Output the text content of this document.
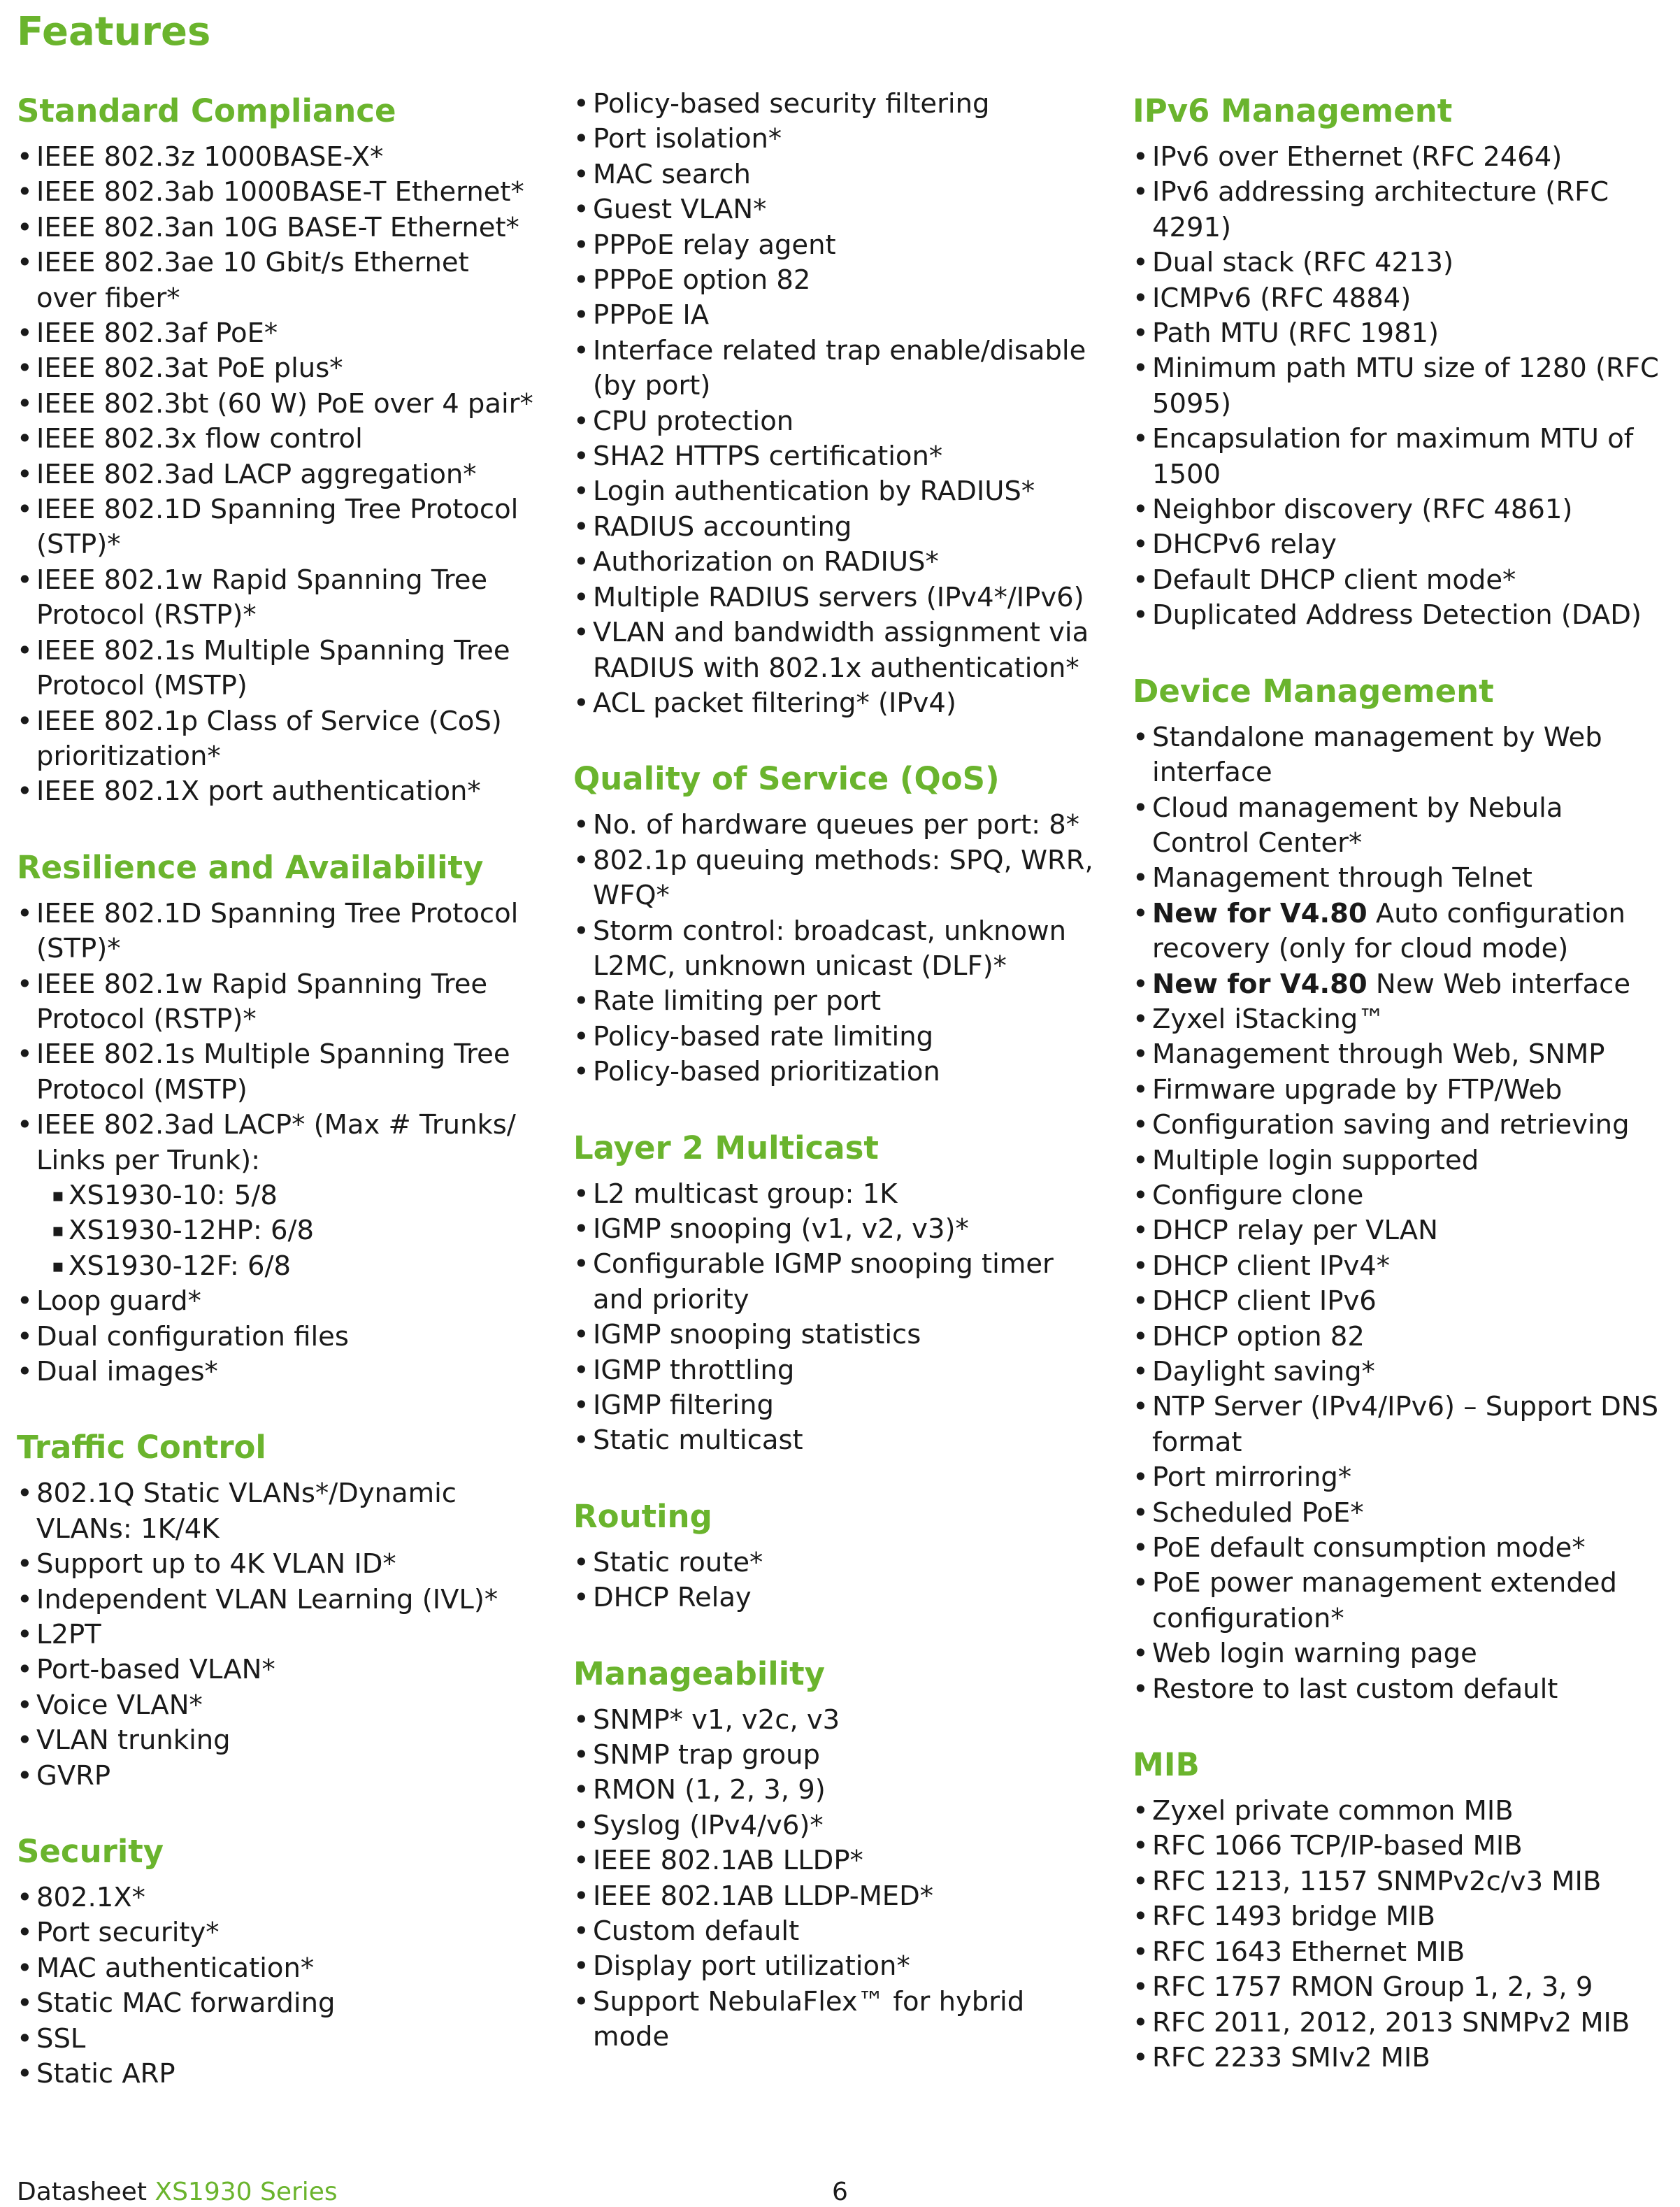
Features
Standard Compliance
• IEEE 802.3z 1000BASE-X*
• IEEE 802.3ab 1000BASE-T Ethernet*
• IEEE 802.3an 10G BASE-T Ethernet*
• IEEE 802.3ae 10 Gbit/s Ethernet over fiber*
• IEEE 802.3af PoE*
• IEEE 802.3at PoE plus*
• IEEE 802.3bt (60 W) PoE over 4 pair*
• IEEE 802.3x flow control
• IEEE 802.3ad LACP aggregation*
• IEEE 802.1D Spanning Tree Protocol (STP)*
• IEEE 802.1w Rapid Spanning Tree Protocol (RSTP)*
• IEEE 802.1s Multiple Spanning Tree Protocol (MSTP)
• IEEE 802.1p Class of Service (CoS) prioritization*
• IEEE 802.1X port authentication*
Resilience and Availability
• IEEE 802.1D Spanning Tree Protocol (STP)*
• IEEE 802.1w Rapid Spanning Tree Protocol (RSTP)*
• IEEE 802.1s Multiple Spanning Tree Protocol (MSTP)
• IEEE 802.3ad LACP* (Max # Trunks/ Links per Trunk):
▪ XS1930-10: 5/8
▪ XS1930-12HP: 6/8
▪ XS1930-12F: 6/8
• Loop guard*
• Dual configuration files
• Dual images*
Traffic Control
• 802.1Q Static VLANs*/Dynamic VLANs: 1K/4K
• Support up to 4K VLAN ID*
• Independent VLAN Learning (IVL)*
• L2PT
• Port-based VLAN*
• Voice VLAN*
• VLAN trunking
• GVRP
Security
• 802.1X*
• Port security*
• MAC authentication*
• Static MAC forwarding
• SSL
• Static ARP
• Policy-based security filtering
• Port isolation*
• MAC search
• Guest VLAN*
• PPPoE relay agent
• PPPoE option 82
• PPPoE IA
• Interface related trap enable/disable (by port)
• CPU protection
• SHA2 HTTPS certification*
• Login authentication by RADIUS*
• RADIUS accounting
• Authorization on RADIUS*
• Multiple RADIUS servers (IPv4*/IPv6)
• VLAN and bandwidth assignment via RADIUS with 802.1x authentication*
• ACL packet filtering* (IPv4)
Quality of Service (QoS)
• No. of hardware queues per port: 8*
• 802.1p queuing methods: SPQ, WRR, WFQ*
• Storm control: broadcast, unknown L2MC, unknown unicast (DLF)*
• Rate limiting per port
• Policy-based rate limiting
• Policy-based prioritization
Layer 2 Multicast
• L2 multicast group: 1K
• IGMP snooping (v1, v2, v3)*
• Configurable IGMP snooping timer and priority
• IGMP snooping statistics
• IGMP throttling
• IGMP filtering
• Static multicast
Routing
• Static route*
• DHCP Relay
Manageability
• SNMP* v1, v2c, v3
• SNMP trap group
• RMON (1, 2, 3, 9)
• Syslog (IPv4/v6)*
• IEEE 802.1AB LLDP*
• IEEE 802.1AB LLDP-MED*
• Custom default
• Display port utilization*
• Support NebulaFlex™ for hybrid mode
IPv6 Management
• IPv6 over Ethernet (RFC 2464)
• IPv6 addressing architecture (RFC 4291)
• Dual stack (RFC 4213)
• ICMPv6 (RFC 4884)
• Path MTU (RFC 1981)
• Minimum path MTU size of 1280 (RFC 5095)
• Encapsulation for maximum MTU of 1500
• Neighbor discovery (RFC 4861)
• DHCPv6 relay
• Default DHCP client mode*
• Duplicated Address Detection (DAD)
Device Management
• Standalone management by Web interface
• Cloud management by Nebula Control Center*
• Management through Telnet
• New for V4.80 Auto configuration recovery (only for cloud mode)
• New for V4.80 New Web interface
• Zyxel iStacking™
• Management through Web, SNMP
• Firmware upgrade by FTP/Web
• Configuration saving and retrieving
• Multiple login supported
• Configure clone
• DHCP relay per VLAN
• DHCP client IPv4*
• DHCP client IPv6
• DHCP option 82
• Daylight saving*
• NTP Server (IPv4/IPv6) – Support DNS format
• Port mirroring*
• Scheduled PoE*
• PoE default consumption mode*
• PoE power management extended configuration*
• Web login warning page
• Restore to last custom default
MIB
• Zyxel private common MIB
• RFC 1066 TCP/IP-based MIB
• RFC 1213, 1157 SNMPv2c/v3 MIB
• RFC 1493 bridge MIB
• RFC 1643 Ethernet MIB
• RFC 1757 RMON Group 1, 2, 3, 9
• RFC 2011, 2012, 2013 SNMPv2 MIB
• RFC 2233 SMIv2 MIB
Datasheet XS1930 Series	6
